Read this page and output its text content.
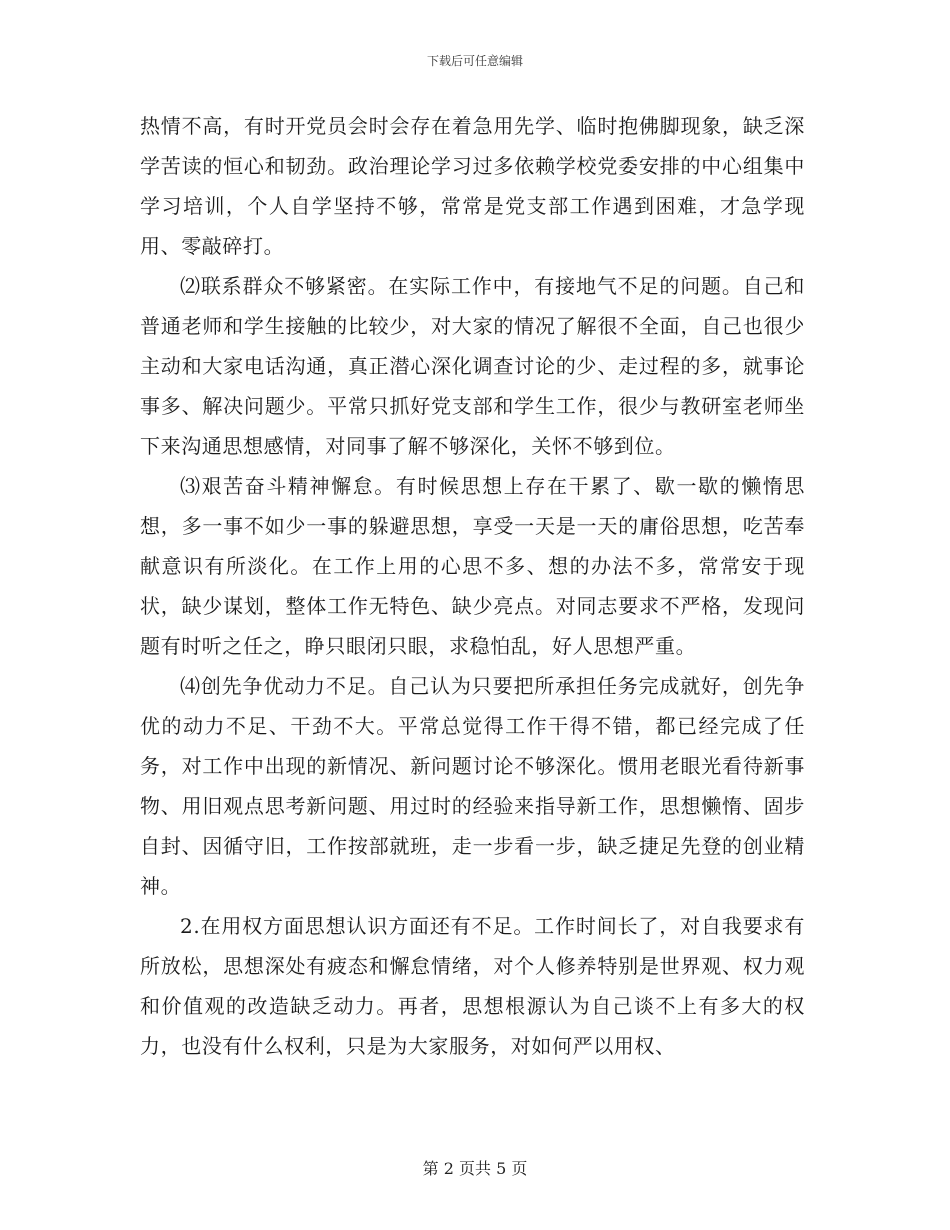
下载后可任意编辑

热情不高，有时开党员会时会存在着急用先学、临时抱佛脚现象，缺乏深学苦读的恒心和韧劲。政治理论学习过多依赖学校党委安排的中心组集中学习培训，个人自学坚持不够，常常是党支部工作遇到困难，才急学现用、零敲碎打。

⑵联系群众不够紧密。在实际工作中，有接地气不足的问题。自己和普通老师和学生接触的比较少，对大家的情况了解很不全面，自己也很少主动和大家电话沟通，真正潜心深化调查讨论的少、走过程的多，就事论事多、解决问题少。平常只抓好党支部和学生工作，很少与教研室老师坐下来沟通思想感情，对同事了解不够深化，关怀不够到位。

⑶艰苦奋斗精神懈怠。有时候思想上存在干累了、歇一歇的懒惰思想，多一事不如少一事的躲避思想，享受一天是一天的庸俗思想，吃苦奉献意识有所淡化。在工作上用的心思不多、想的办法不多，常常安于现状，缺少谋划，整体工作无特色、缺少亮点。对同志要求不严格，发现问题有时听之任之，睁只眼闭只眼，求稳怕乱，好人思想严重。

⑷创先争优动力不足。自己认为只要把所承担任务完成就好，创先争优的动力不足、干劲不大。平常总觉得工作干得不错，都已经完成了任务，对工作中出现的新情况、新问题讨论不够深化。惯用老眼光看待新事物、用旧观点思考新问题、用过时的经验来指导新工作，思想懒惰、固步自封、因循守旧，工作按部就班，走一步看一步，缺乏捷足先登的创业精神。

2.在用权方面思想认识方面还有不足。工作时间长了，对自我要求有所放松，思想深处有疲态和懈怠情绪，对个人修养特别是世界观、权力观和价值观的改造缺乏动力。再者，思想根源认为自己谈不上有多大的权力，也没有什么权利，只是为大家服务，对如何严以用权、

第 2 页共 5 页
